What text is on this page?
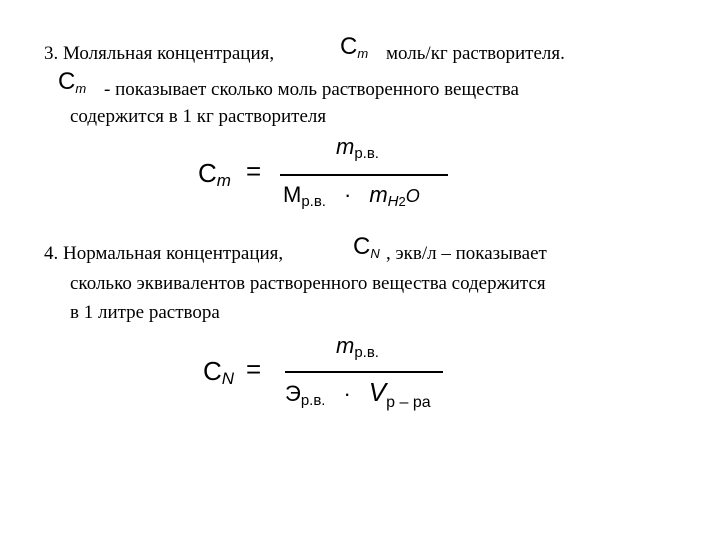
3. Моляльная концентрация,	Cm моль/кг растворителя.
Cm - показывает сколько моль растворенного вещества
содержится в 1 кг растворителя
Cm =
mр.в.
Mр.в. · mH2O
4. Нормальная концентрация,	CN , экв/л – показывает
сколько эквивалентов растворенного вещества содержится
в 1 литре раствора
CN =
mр.в.
Эр.в. · Vр – ра
